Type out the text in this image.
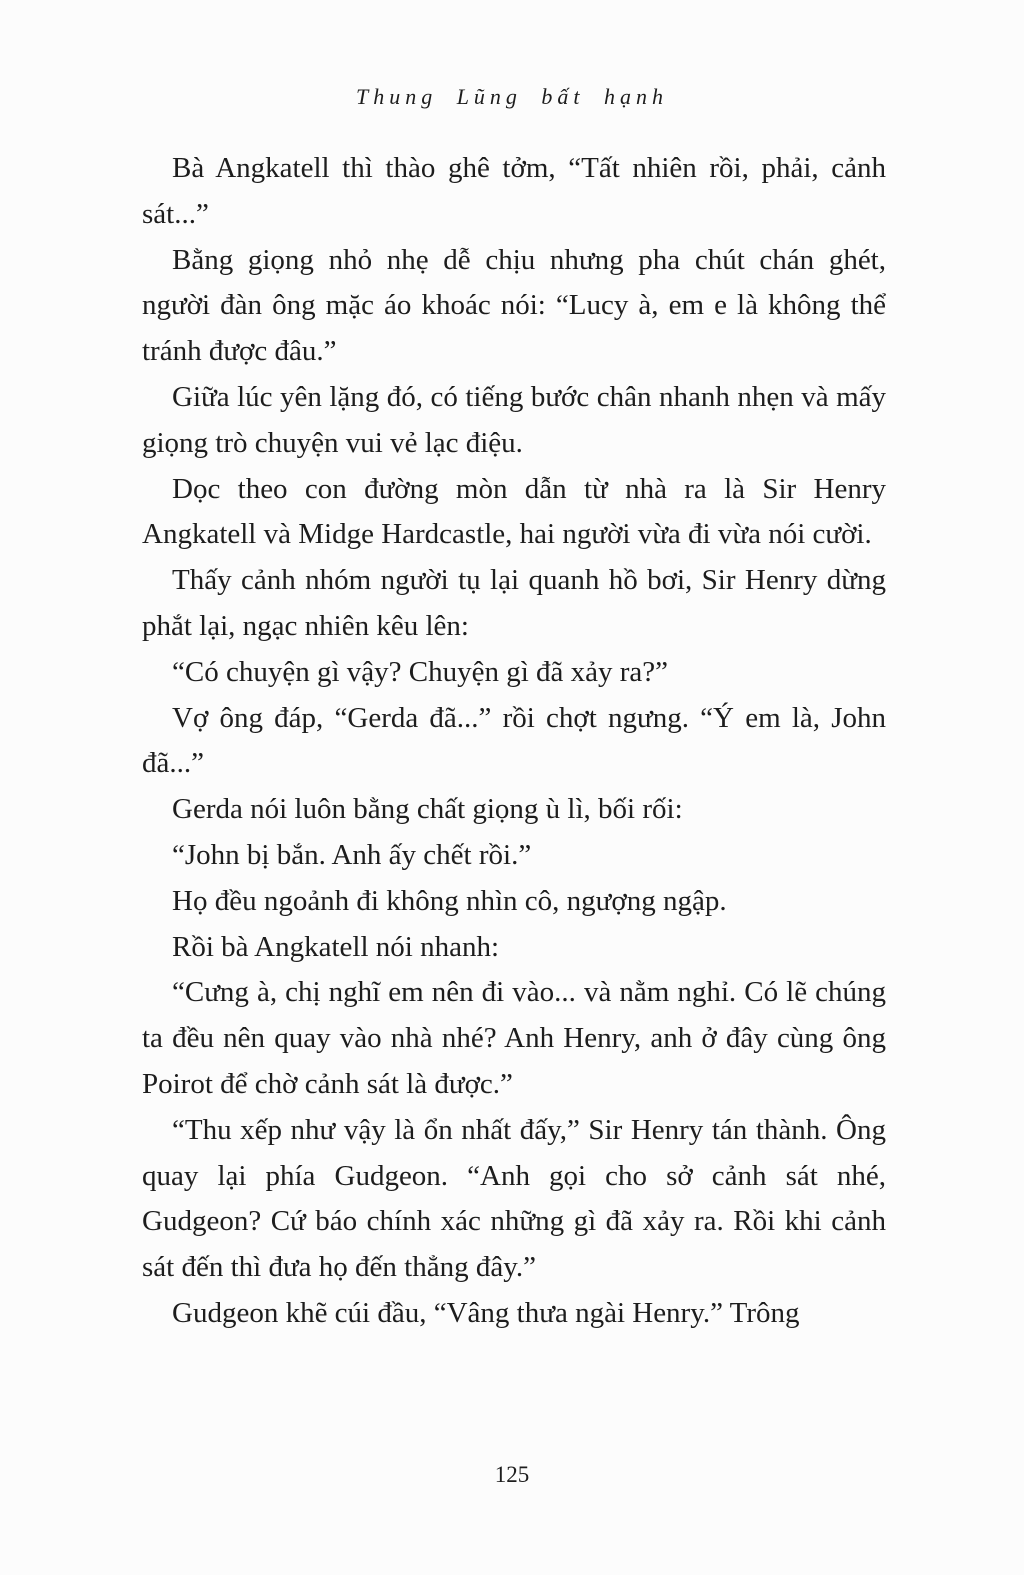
Thung Lũng bất hạnh

Bà Angkatell thì thào ghê tởm, “Tất nhiên rồi, phải, cảnh sát...”

Bằng giọng nhỏ nhẹ dễ chịu nhưng pha chút chán ghét, người đàn ông mặc áo khoác nói: “Lucy à, em e là không thể tránh được đâu.”

Giữa lúc yên lặng đó, có tiếng bước chân nhanh nhẹn và mấy giọng trò chuyện vui vẻ lạc điệu.

Dọc theo con đường mòn dẫn từ nhà ra là Sir Henry Angkatell và Midge Hardcastle, hai người vừa đi vừa nói cười.

Thấy cảnh nhóm người tụ lại quanh hồ bơi, Sir Henry dừng phắt lại, ngạc nhiên kêu lên:

“Có chuyện gì vậy? Chuyện gì đã xảy ra?”

Vợ ông đáp, “Gerda đã...” rồi chợt ngưng. “Ý em là, John đã...”

Gerda nói luôn bằng chất giọng ù lì, bối rối:

“John bị bắn. Anh ấy chết rồi.”

Họ đều ngoảnh đi không nhìn cô, ngượng ngập.

Rồi bà Angkatell nói nhanh:

“Cưng à, chị nghĩ em nên đi vào... và nằm nghỉ. Có lẽ chúng ta đều nên quay vào nhà nhé? Anh Henry, anh ở đây cùng ông Poirot để chờ cảnh sát là được.”

“Thu xếp như vậy là ổn nhất đấy,” Sir Henry tán thành. Ông quay lại phía Gudgeon. “Anh gọi cho sở cảnh sát nhé, Gudgeon? Cứ báo chính xác những gì đã xảy ra. Rồi khi cảnh sát đến thì đưa họ đến thẳng đây.”

Gudgeon khẽ cúi đầu, “Vâng thưa ngài Henry.” Trông

125
